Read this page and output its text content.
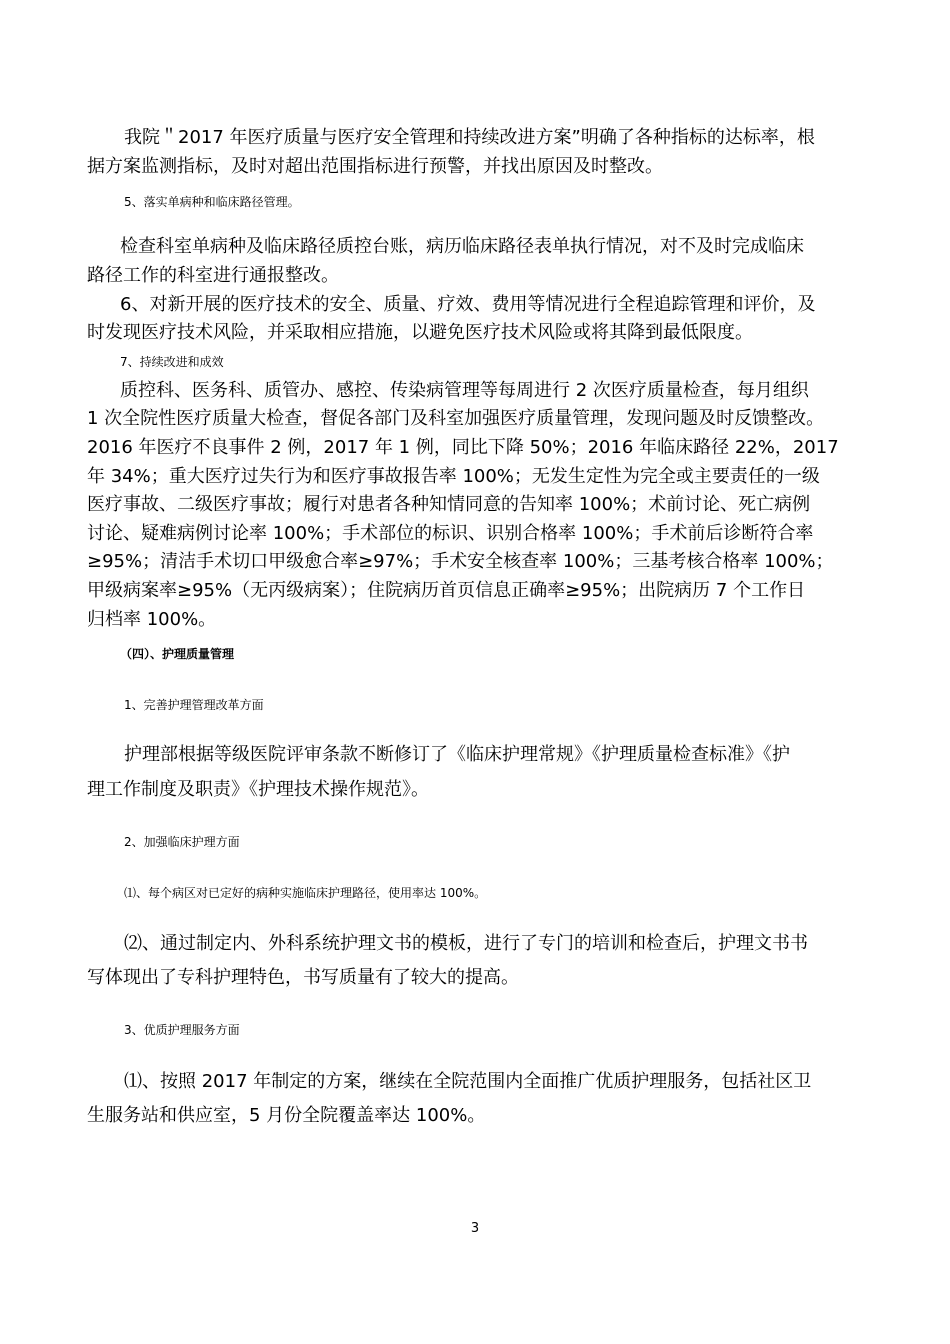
我院＂2017 年医疗质量与医疗安全管理和持续改进方案”明确了各种指标的达标率，根
据方案监测指标，及时对超出范围指标进行预警，并找出原因及时整改。
5、落实单病种和临床路径管理。
检查科室单病种及临床路径质控台账，病历临床路径表单执行情况，对不及时完成临床
路径工作的科室进行通报整改。
6、对新开展的医疗技术的安全、质量、疗效、费用等情况进行全程追踪管理和评价，及
时发现医疗技术风险，并采取相应措施，以避免医疗技术风险或将其降到最低限度。
7、持续改进和成效
质控科、医务科、质管办、感控、传染病管理等每周进行 2 次医疗质量检查，每月组织
1 次全院性医疗质量大检查，督促各部门及科室加强医疗质量管理，发现问题及时反馈整改。
2016 年医疗不良事件 2 例，2017 年 1 例，同比下降 50%；2016 年临床路径 22%，2017
年 34%；重大医疗过失行为和医疗事故报告率 100%；无发生定性为完全或主要责任的一级
医疗事故、二级医疗事故；履行对患者各种知情同意的告知率 100%；术前讨论、死亡病例
讨论、疑难病例讨论率 100%；手术部位的标识、识别合格率 100%；手术前后诊断符合率
≥95%；清洁手术切口甲级愈合率≥97%；手术安全核查率 100%；三基考核合格率 100%；
甲级病案率≥95%（无丙级病案）；住院病历首页信息正确率≥95%；出院病历 7 个工作日
归档率 100%。
（四）、护理质量管理
1、完善护理管理改革方面
护理部根据等级医院评审条款不断修订了《临床护理常规》《护理质量检查标准》《护
理工作制度及职责》《护理技术操作规范》。
2、加强临床护理方面
⑴、每个病区对已定好的病种实施临床护理路径，使用率达 100%。
⑵、通过制定内、外科系统护理文书的模板，进行了专门的培训和检查后，护理文书书
写体现出了专科护理特色，书写质量有了较大的提高。
3、优质护理服务方面
⑴、按照 2017 年制定的方案，继续在全院范围内全面推广优质护理服务，包括社区卫
生服务站和供应室，5 月份全院覆盖率达 100%。
3
